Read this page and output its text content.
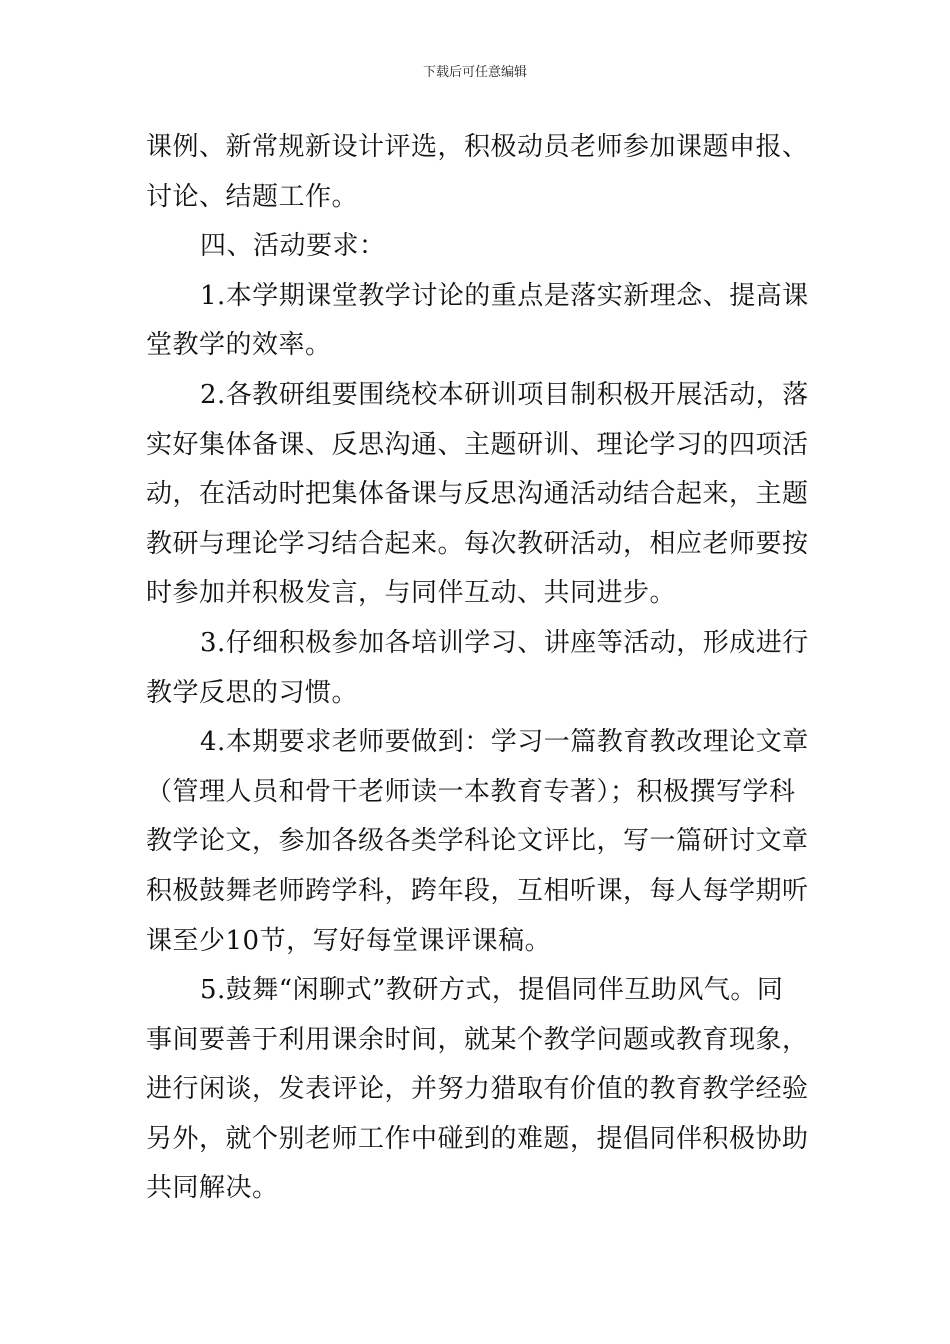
下载后可任意编辑
课例、新常规新设计评选，积极动员老师参加课题申报、
讨论、结题工作。
四、活动要求：
1.本学期课堂教学讨论的重点是落实新理念、提高课
堂教学的效率。
2.各教研组要围绕校本研训项目制积极开展活动，落
实好集体备课、反思沟通、主题研训、理论学习的四项活
动，在活动时把集体备课与反思沟通活动结合起来，主题
教研与理论学习结合起来。每次教研活动，相应老师要按
时参加并积极发言，与同伴互动、共同进步。
3.仔细积极参加各培训学习、讲座等活动，形成进行
教学反思的习惯。
4.本期要求老师要做到：学习一篇教育教改理论文章
（管理人员和骨干老师读一本教育专著）；积极撰写学科
教学论文，参加各级各类学科论文评比，写一篇研讨文章
积极鼓舞老师跨学科，跨年段，互相听课，每人每学期听
课至少10节，写好每堂课评课稿。
5.鼓舞“闲聊式”教研方式，提倡同伴互助风气。同
事间要善于利用课余时间，就某个教学问题或教育现象，
进行闲谈，发表评论，并努力猎取有价值的教育教学经验
另外，就个别老师工作中碰到的难题，提倡同伴积极协助
共同解决。
